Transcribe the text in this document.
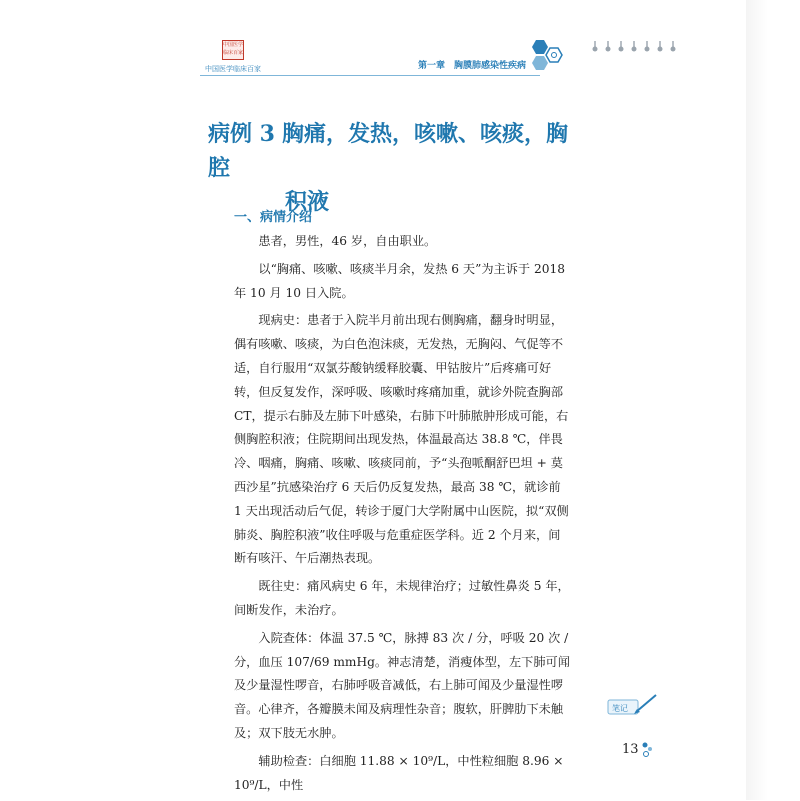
中国医学临床百家
中国医学临床百家	第一章　胸膜肺感染性疾病
病例 3 胸痛，发热，咳嗽、咳痰，胸腔
积液
一、病情介绍

患者，男性，46 岁，自由职业。

以“胸痛、咳嗽、咳痰半月余，发热 6 天”为主诉于 2018 年 10 月 10 日入院。

现病史：患者于入院半月前出现右侧胸痛，翻身时明显，偶有咳嗽、咳痰，为白色泡沫痰，无发热，无胸闷、气促等不适，自行服用“双氯芬酸钠缓释胶囊、甲钴胺片”后疼痛可好转，但反复发作，深呼吸、咳嗽时疼痛加重，就诊外院查胸部 CT，提示右肺及左肺下叶感染，右肺下叶肺脓肿形成可能，右侧胸腔积液；住院期间出现发热，体温最高达 38.8 ℃，伴畏冷、咽痛，胸痛、咳嗽、咳痰同前，予“头孢哌酮舒巴坦 + 莫西沙星”抗感染治疗 6 天后仍反复发热，最高 38 ℃，就诊前 1 天出现活动后气促，转诊于厦门大学附属中山医院，拟“双侧肺炎、胸腔积液”收住呼吸与危重症医学科。近 2 个月来，间断有咳汗、午后潮热表现。

既往史：痛风病史 6 年，未规律治疗；过敏性鼻炎 5 年，间断发作，未治疗。

入院查体：体温 37.5 ℃，脉搏 83 次 / 分，呼吸 20 次 / 分，血压 107/69 mmHg。神志清楚，消瘦体型，左下肺可闻及少量湿性啰音，右肺呼吸音减低，右上肺可闻及少量湿性啰音。心律齐，各瓣膜未闻及病理性杂音；腹软，肝脾肋下未触及；双下肢无水肿。

辅助检查：白细胞 11.88 × 10⁹/L，中性粒细胞 8.96 × 10⁹/L，中性

笔记
13
